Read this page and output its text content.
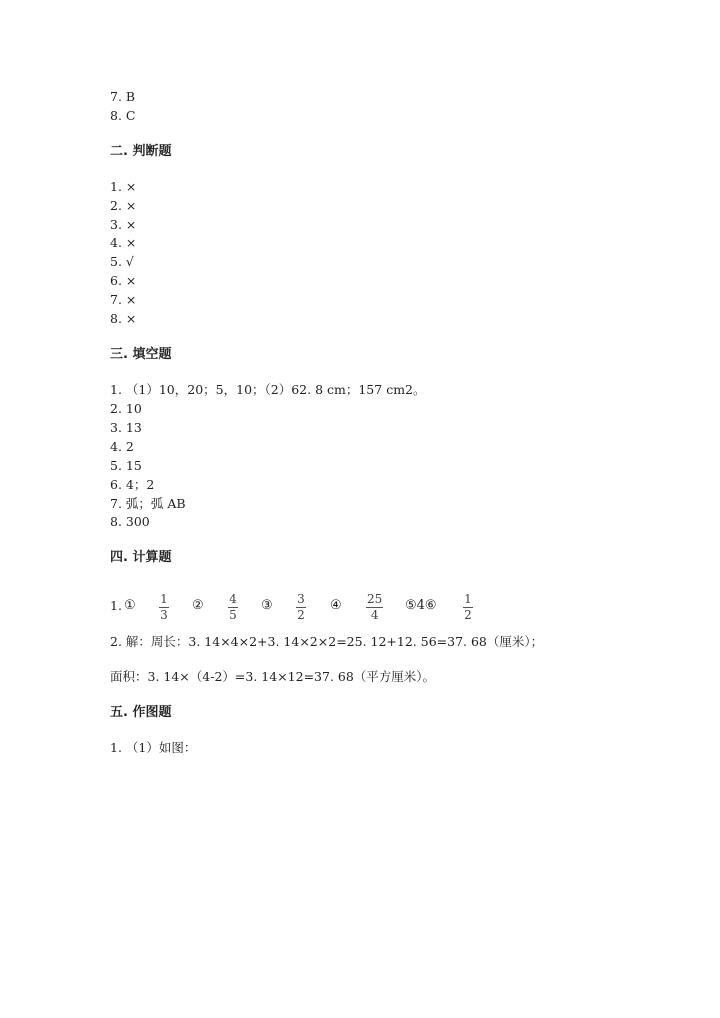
7. B
8. C
二. 判断题
1. ×
2. ×
3. ×
4. ×
5. √
6. ×
7. ×
8. ×
三. 填空题
1. （1）10，20；5，10；（2）62. 8 cm；157 cm2。
2. 10
3. 13
4. 2
5. 15
6. 4；2
7. 弧；弧 AB
8. 300
四. 计算题
1. ① 1
3
② 4
5
③ 3
2
④ 25
4
⑤4⑥ 1
2
2. 解：周长：3. 14×4×2+3. 14×2×2=25. 12+12. 56=37. 68（厘米）；
面积：3. 14×（4-2）=3. 14×12=37. 68（平方厘米）。
五. 作图题
1. （1）如图：
